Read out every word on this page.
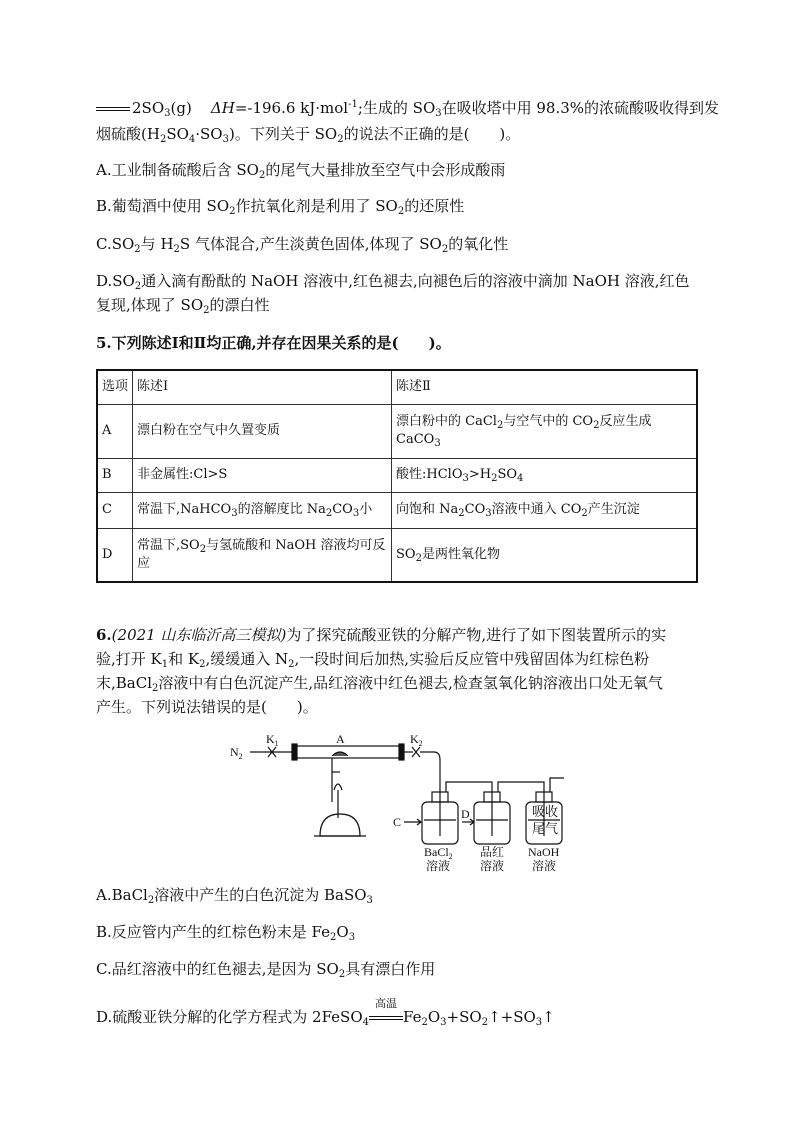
$2SO_3(g)$    ΔH=-196.6 kJ·mol$^{-1}$;生成的 $SO_3$在吸收塔中用 98.3%的浓硫酸吸收得到发
烟硫酸$(H_2SO_4\cdot SO_3)$。下列关于 $SO_2$的说法不正确的是(　　)。
A.工业制备硫酸后含 $SO_2$的尾气大量排放至空气中会形成酸雨
B.葡萄酒中使用 $SO_2$作抗氧化剂是利用了 $SO_2$的还原性
$C.SO_2$与 $H_2S$ 气体混合,产生淡黄色固体,体现了 $SO_2$的氧化性
$D.SO_2$通入滴有酚酞的 NaOH 溶液中,红色褪去,向褪色后的溶液中滴加 NaOH 溶液,红色
复现,体现了 $SO_2$的漂白性
5.下列陈述Ⅰ和Ⅱ均正确,并存在因果关系的是(　　)。
选项	陈述Ⅰ	陈述Ⅱ
A	漂白粉在空气中久置变质	漂白粉中的 CaCl$_2$与空气中的 $CO_2$反应生成
CaCO$_3$
B	非金属性:Cl>S	酸性$:HClO_3>H_2SO_4$
C	常温下,NaHCO$_3$的溶解度比 $Na_2CO_3$小	向饱和 $Na_2CO_3$溶液中通入 $CO_2$产生沉淀
D	常温下$,SO_2$与氢硫酸和 NaOH 溶液均可反
应	$SO_2$是两性氧化物
6.(2021 山东临沂高三模拟)为了探究硫酸亚铁的分解产物,进行了如下图装置所示的实
验,打开 $K_1$和 $K_2$,缓缓通入 $N_2$,一段时间后加热,实验后反应管中残留固体为红棕色粉
末,BaCl$_2$溶液中有白色沉淀产生,品红溶液中红色褪去,检查氢氧化钠溶液出口处无氧气
产生。下列说法错误的是(　　)。
$N_2$
$K_1$	A	$K_2$
C
D
BaCl$_2$
溶液
品红
溶液
NaOH
溶液
吸收
尾气
A.BaCl$_2$溶液中产生的白色沉淀为 BaSO$_3$
B.反应管内产生的红棕色粉末是 $Fe_2O_3$
C.品红溶液中的红色褪去,是因为 $SO_2$具有漂白作用
D.硫酸亚铁分解的化学方程式为 2FeSO$_4$
高温
$Fe_2O_3+SO_2↑+SO_3↑$
